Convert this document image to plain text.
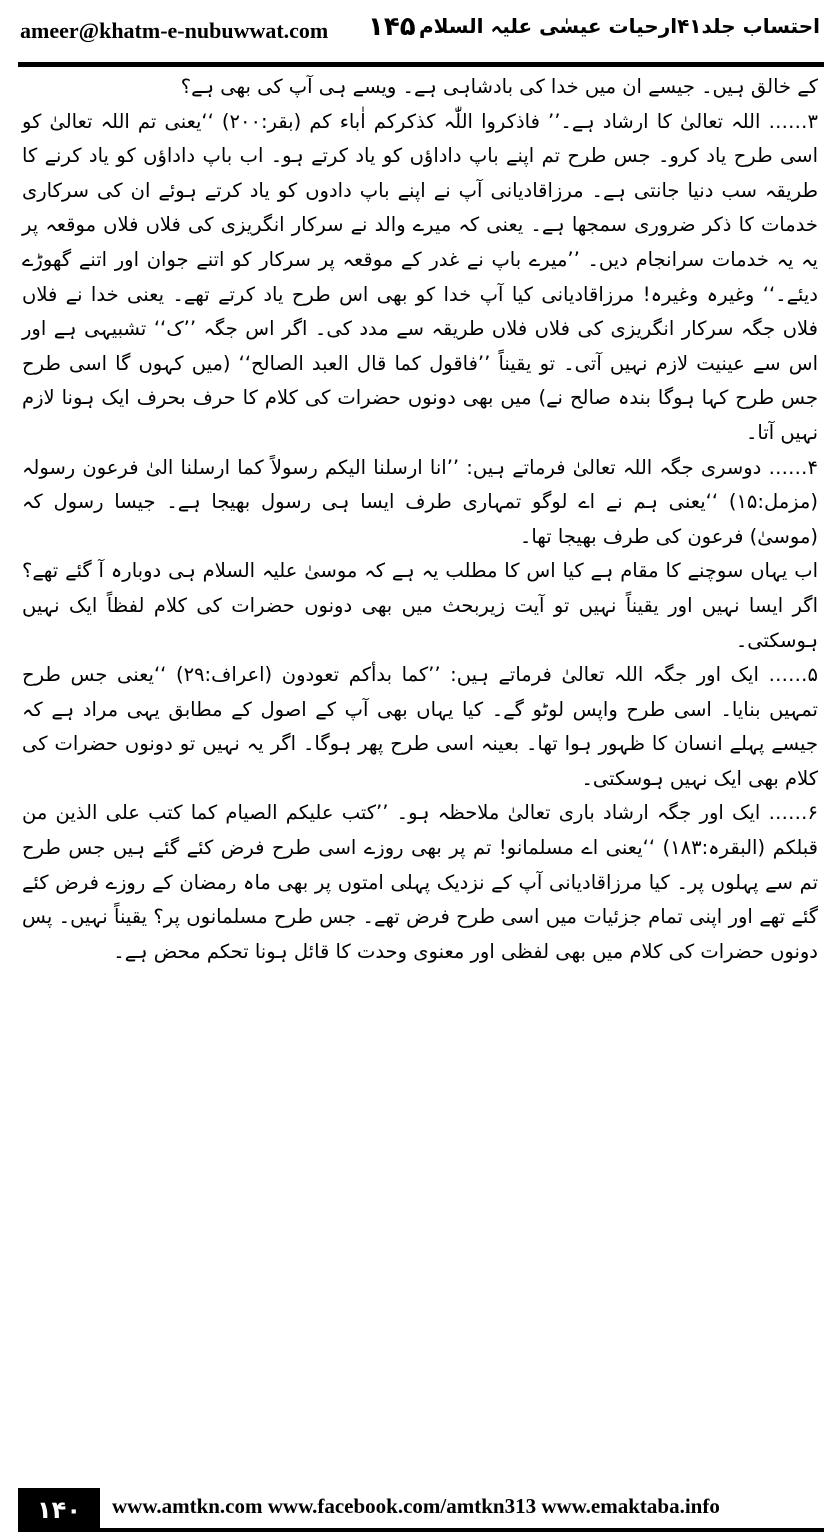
ameer@khatm-e-nubuwwat.com ۱۴۵ احتساب جلد۴۱ارحیات عیسٰی علیہ السلام

کے خالق ہیں۔ جیسے ان میں خدا کی بادشاہی ہے۔ ویسے ہی آپ کی بھی ہے؟

۳…… اللہ تعالیٰ کا ارشاد ہے۔’’ فاذکروا اللّٰہ کذکرکم اٰباء کم (بقر:۲۰۰) ‘‘یعنی تم اللہ تعالیٰ کو اسی طرح یاد کرو۔ جس طرح تم اپنے باپ داداؤں کو یاد کرتے ہو۔ اب باپ داداؤں کو یاد کرنے کا طریقہ سب دنیا جانتی ہے۔ مرزاقادیانی آپ نے اپنے باپ دادوں کو یاد کرتے ہوئے ان کی سرکاری خدمات کا ذکر ضروری سمجھا ہے۔ یعنی کہ میرے والد نے سرکار انگریزی کی فلاں فلاں موقعہ پر یہ یہ خدمات سرانجام دیں۔ ’’میرے باپ نے غدر کے موقعہ پر سرکار کو اتنے جوان اور اتنے گھوڑے دیئے۔‘‘ وغیرہ وغیرہ! مرزاقادیانی کیا آپ خدا کو بھی اس طرح یاد کرتے تھے۔ یعنی خدا نے فلاں فلاں جگہ سرکار انگریزی کی فلاں فلاں طریقہ سے مدد کی۔ اگر اس جگہ ’’ک‘‘ تشبیہی ہے اور اس سے عینیت لازم نہیں آتی۔ تو یقیناً ’’فاقول کما قال العبد الصالح‘‘ (میں کہوں گا اسی طرح جس طرح کہا ہوگا بندہ صالح نے) میں بھی دونوں حضرات کی کلام کا حرف بحرف ایک ہونا لازم نہیں آتا۔

۴…… دوسری جگہ اللہ تعالیٰ فرماتے ہیں: ’’انا ارسلنا الیکم رسولاً کما ارسلنا الیٰ فرعون رسولہ (مزمل:۱۵) ‘‘یعنی ہم نے اے لوگو تمہاری طرف ایسا ہی رسول بھیجا ہے۔ جیسا رسول کہ (موسیٰ) فرعون کی طرف بھیجا تھا۔

اب یہاں سوچنے کا مقام ہے کیا اس کا مطلب یہ ہے کہ موسیٰ علیہ السلام ہی دوبارہ آ گئے تھے؟ اگر ایسا نہیں اور یقیناً نہیں تو آیت زیربحث میں بھی دونوں حضرات کی کلام لفظاً ایک نہیں ہوسکتی۔

۵…… ایک اور جگہ اللہ تعالیٰ فرماتے ہیں: ’’کما بدأکم تعودون (اعراف:۲۹) ‘‘یعنی جس طرح تمہیں بنایا۔ اسی طرح واپس لوٹو گے۔ کیا یہاں بھی آپ کے اصول کے مطابق یہی مراد ہے کہ جیسے پہلے انسان کا ظہور ہوا تھا۔ بعینہ اسی طرح پھر ہوگا۔ اگر یہ نہیں تو دونوں حضرات کی کلام بھی ایک نہیں ہوسکتی۔

۶…… ایک اور جگہ ارشاد باری تعالیٰ ملاحظہ ہو۔ ’’کتب علیکم الصیام کما کتب علی الذین من قبلکم (البقرہ:۱۸۳) ‘‘یعنی اے مسلمانو! تم پر بھی روزے اسی طرح فرض کئے گئے ہیں جس طرح تم سے پہلوں پر۔ کیا مرزاقادیانی آپ کے نزدیک پہلی امتوں پر بھی ماہ رمضان کے روزے فرض کئے گئے تھے اور اپنی تمام جزئیات میں اسی طرح فرض تھے۔ جس طرح مسلمانوں پر؟ یقیناً نہیں۔ پس دونوں حضرات کی کلام میں بھی لفظی اور معنوی وحدت کا قائل ہونا تحکم محض ہے۔

۱۴۰	www.amtkn.com www.facebook.com/amtkn313 www.emaktaba.info
